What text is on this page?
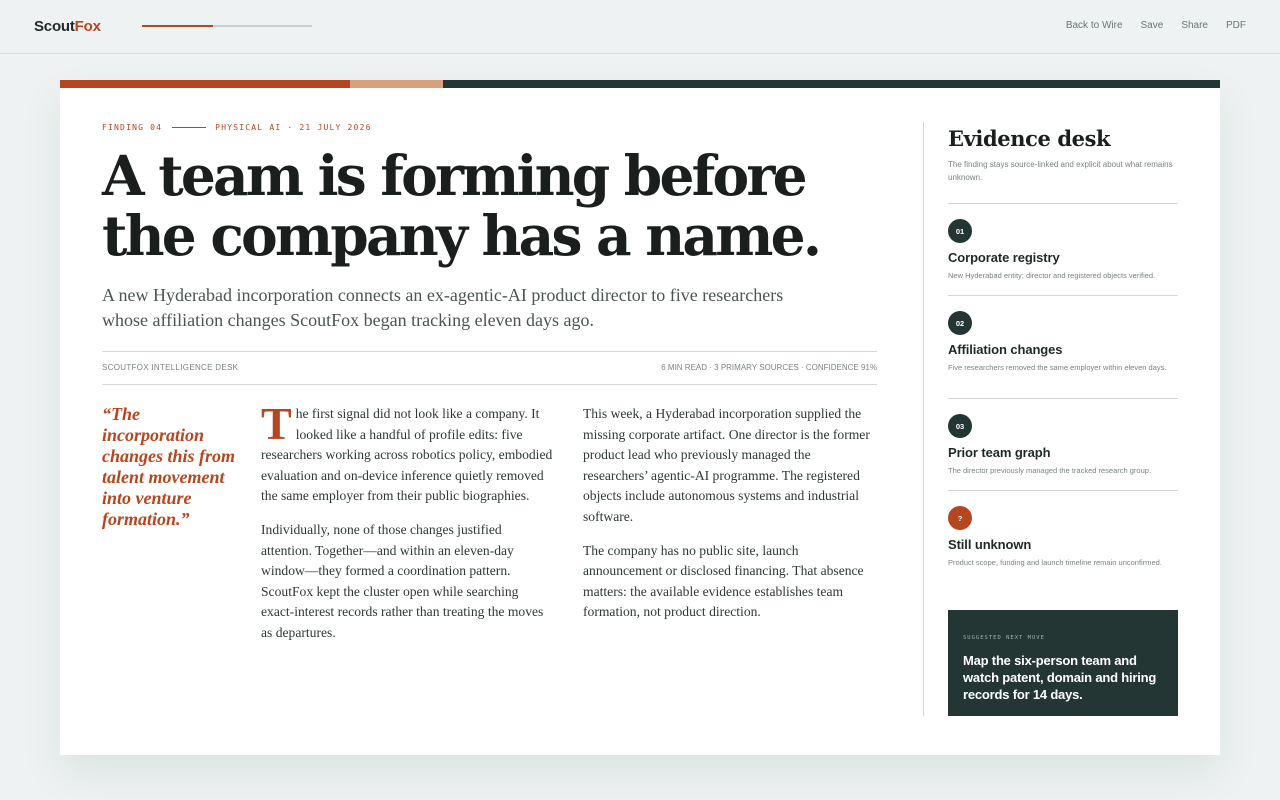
ScoutFox	Back to Wire Save Share PDF
FINDING 04	PHYSICAL AI · 21 JULY 2026
A team is forming before the company has a name.

A new Hyderabad incorporation connects an ex-agentic-AI product director to five researchers whose affiliation changes ScoutFox began tracking eleven days ago.

SCOUTFOX INTELLIGENCE DESK	6 MIN READ · 3 PRIMARY SOURCES · CONFIDENCE 91%
“The incorporation changes this from talent movement into venture formation.”

The first signal did not look like a company. It looked like a handful of profile edits: five researchers working across robotics policy, embodied evaluation and on-device inference quietly removed the same employer from their public biographies.

Individually, none of those changes justified attention. Together—and within an eleven-day window—they formed a coordination pattern. ScoutFox kept the cluster open while searching exact-interest records rather than treating the moves as departures.

This week, a Hyderabad incorporation supplied the missing corporate artifact. One director is the former product lead who previously managed the researchers’ agentic-AI programme. The registered objects include autonomous systems and industrial software.

The company has no public site, launch announcement or disclosed financing. That absence matters: the available evidence establishes team formation, not product direction.

Evidence desk
The finding stays source-linked and explicit about what remains unknown.
01
Corporate registry
New Hyderabad entity; director and registered objects verified.
02
Affiliation changes
Five researchers removed the same employer within eleven days.
03
Prior team graph
The director previously managed the tracked research group.
?
Still unknown
Product scope, funding and launch timeline remain unconfirmed.
SUGGESTED NEXT MOVE
Map the six-person team and watch patent, domain and hiring records for 14 days.
